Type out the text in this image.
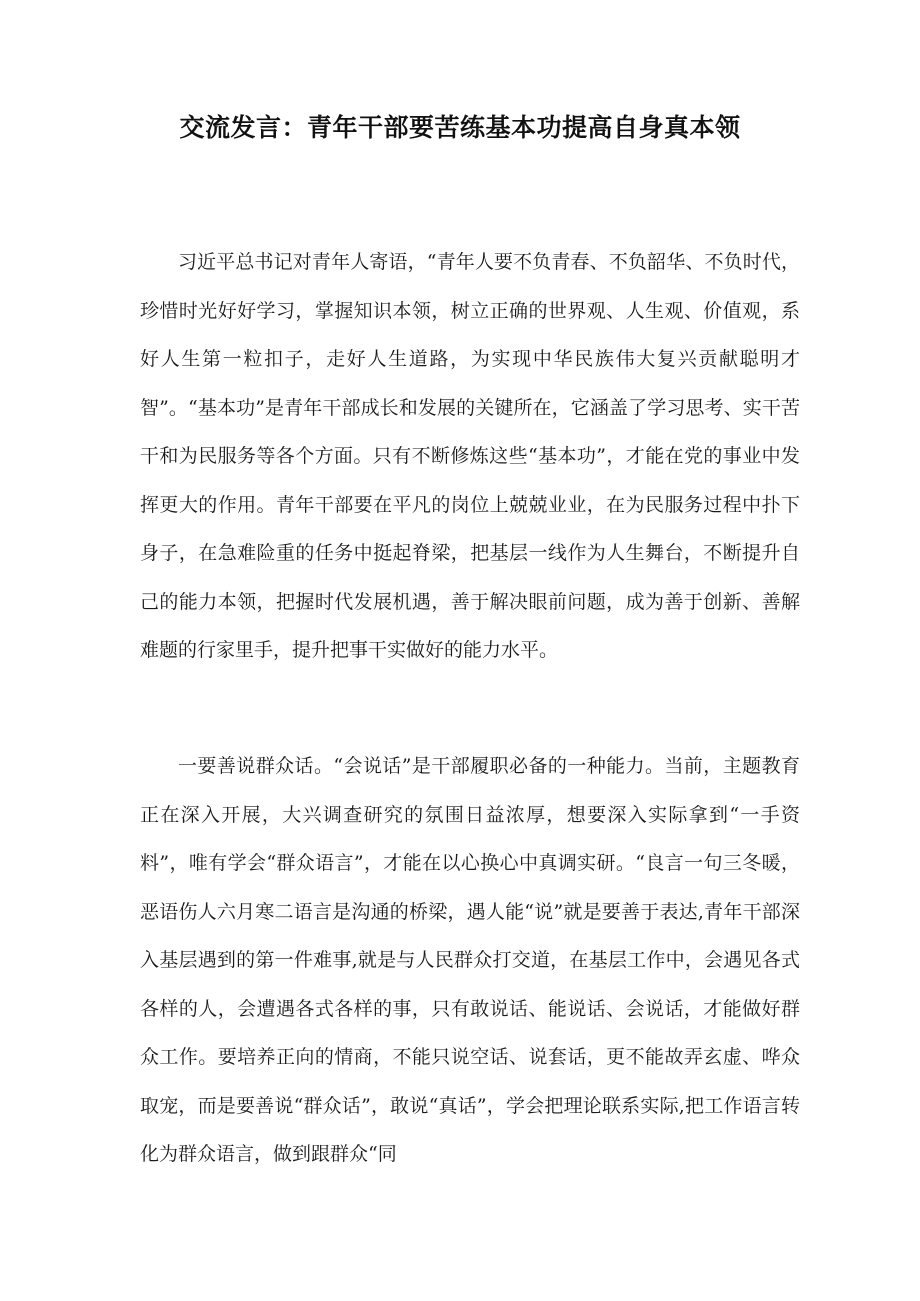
交流发言：青年干部要苦练基本功提高自身真本领

习近平总书记对青年人寄语，“青年人要不负青春、不负韶华、不负时代，珍惜时光好好学习，掌握知识本领，树立正确的世界观、人生观、价值观，系好人生第一粒扣子，走好人生道路，为实现中华民族伟大复兴贡献聪明才智”。“基本功”是青年干部成长和发展的关键所在，它涵盖了学习思考、实干苦干和为民服务等各个方面。只有不断修炼这些“基本功”，才能在党的事业中发挥更大的作用。青年干部要在平凡的岗位上兢兢业业，在为民服务过程中扑下身子，在急难险重的任务中挺起脊梁，把基层一线作为人生舞台，不断提升自己的能力本领，把握时代发展机遇，善于解决眼前问题，成为善于创新、善解难题的行家里手，提升把事干实做好的能力水平。

一要善说群众话。“会说话”是干部履职必备的一种能力。当前，主题教育正在深入开展，大兴调查研究的氛围日益浓厚，想要深入实际拿到“一手资料”，唯有学会“群众语言”，才能在以心换心中真调实研。“良言一句三冬暖，恶语伤人六月寒二语言是沟通的桥梁，遇人能“说”就是要善于表达,青年干部深入基层遇到的第一件难事,就是与人民群众打交道，在基层工作中，会遇见各式各样的人，会遭遇各式各样的事，只有敢说话、能说话、会说话，才能做好群众工作。要培养正向的情商，不能只说空话、说套话，更不能故弄玄虚、哗众取宠，而是要善说“群众话”，敢说“真话”，学会把理论联系实际,把工作语言转化为群众语言，做到跟群众“同
